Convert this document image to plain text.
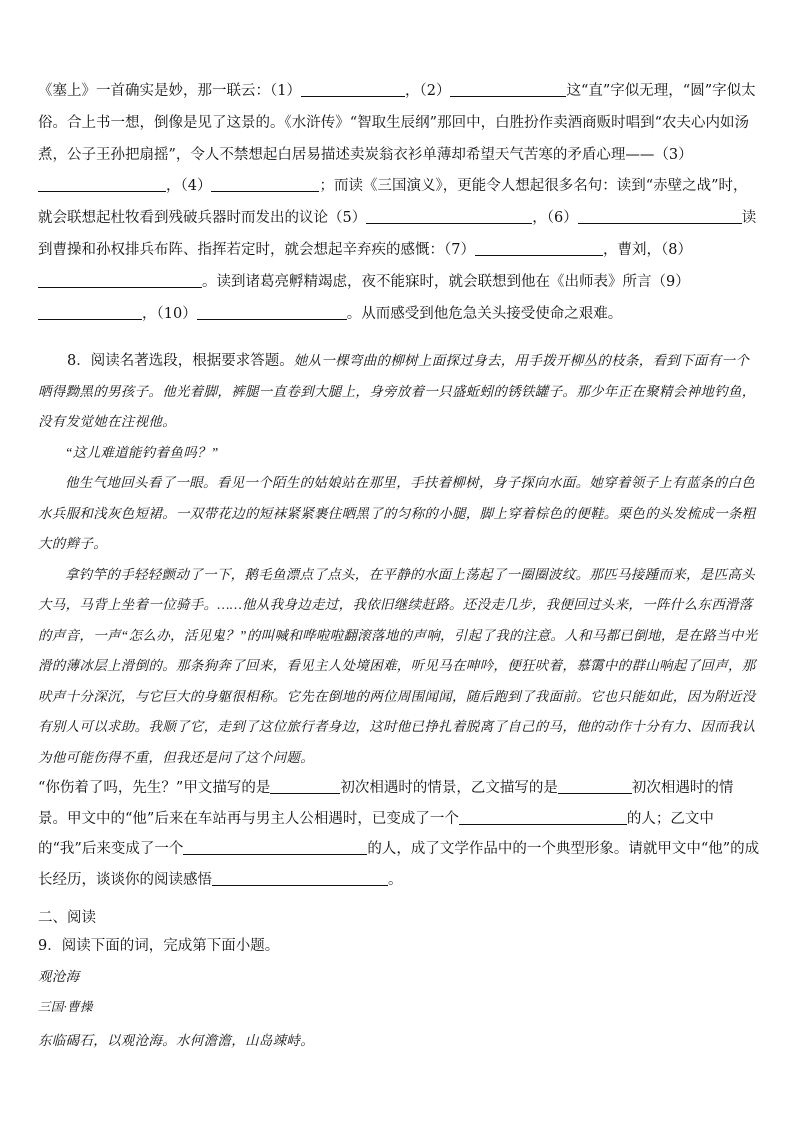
《塞上》一首确实是妙，那一联云：（1）	，（2）	这“直”字似无理，“圆”字似太俗。合上书一想，倒像是见了这景的。《水浒传》“智取生辰纲”那回中，白胜扮作卖酒商贩时唱到“农夫心内如汤煮，公子王孙把扇摇”，令人不禁想起白居易描述卖炭翁衣衫单薄却希望天气苦寒的矛盾心理——（3），（4）	；而读《三国演义》，更能令人想起很多名句：读到“赤壁之战”时，就会联想起杜牧看到残破兵器时而发出的议论（5）	，（6）	读到曹操和孙权排兵布阵、指挥若定时，就会想起辛弃疾的感慨：（7）	，曹刘，（8）。读到诸葛亮孵精竭虑，夜不能寐时，就会联想到他在《出师表》所言（9），（10）	。从而感受到他危急关头接受使命之艰难。
8．阅读名著选段，根据要求答题。她从一棵弯曲的柳树上面探过身去，用手拨开柳丛的枝条，看到下面有一个晒得黝黑的男孩子。他光着脚，裤腿一直卷到大腿上，身旁放着一只盛蚯蚓的锈铁罐子。那少年正在聚精会神地钓鱼，没有发觉她在注视他。
“这儿难道能钓着鱼吗？”
他生气地回头看了一眼。看见一个陌生的姑娘站在那里，手扶着柳树，身子探向水面。她穿着领子上有蓝条的白色水兵服和浅灰色短裙。一双带花边的短袜紧紧裹住晒黑了的匀称的小腿，脚上穿着棕色的便鞋。栗色的头发梳成一条粗大的辫子。
拿钓竿的手轻轻颤动了一下，鹅毛鱼漂点了点头，在平静的水面上荡起了一圈圈波纹。那匹马接踵而来，是匹高头大马，马背上坐着一位骑手。……他从我身边走过，我依旧继续赶路。还没走几步，我便回过头来，一阵什么东西滑落的声音，一声“怎么办，活见鬼？”的叫喊和哗啦啦翻滚落地的声响，引起了我的注意。人和马都已倒地，是在路当中光滑的薄冰层上滑倒的。那条狗奔了回来，看见主人处境困难，听见马在呻吟，便狂吠着，慕霭中的群山响起了回声，那吠声十分深沉，与它巨大的身躯很相称。它先在倒地的两位周围闻闻，随后跑到了我面前。它也只能如此，因为附近没有别人可以求助。我顺了它，走到了这位旅行者身边，这时他已挣扎着脱离了自己的马，他的动作十分有力、因而我认为他可能伤得不重，但我还是问了这个问题。
“你伤着了吗，先生？”甲文描写的是	初次相遇时的情景，乙文描写的是	初次相遇时的情景。甲文中的“他”后来在车站再与男主人公相遇时，已变成了一个	的人；乙文中的“我”后来变成了一个	的人，成了文学作品中的一个典型形象。请就甲文中“他”的成长经历，谈谈你的阅读感悟	。
二、阅读
9．阅读下面的词，完成第下面小题。
观沧海
三国·曹操
东临碣石，以观沧海。水何澹澹，山岛竦峙。
